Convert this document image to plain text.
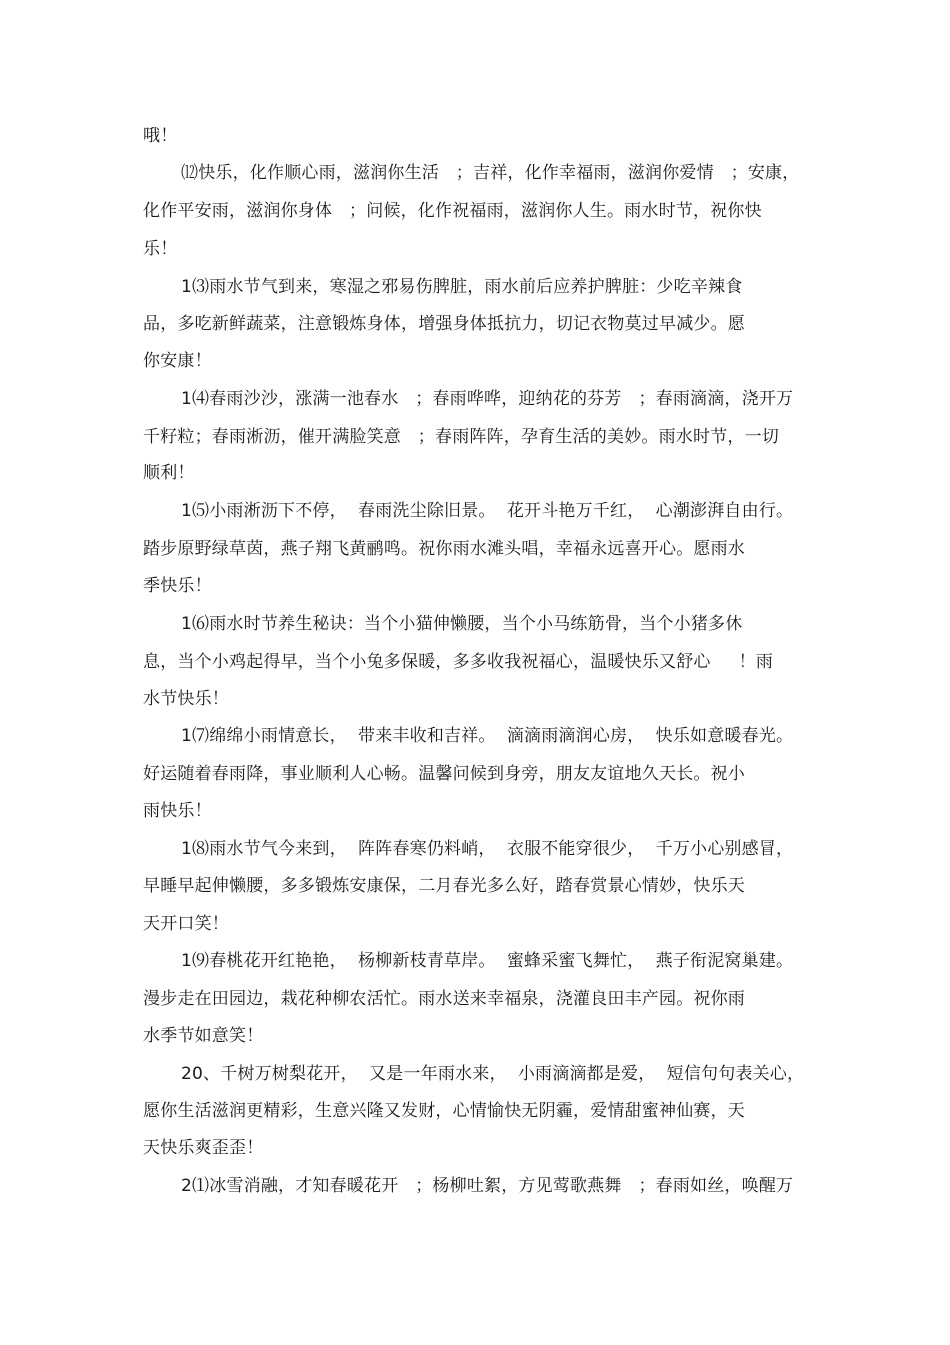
哦！
⑿快乐，化作顺心雨，滋润你生活   ；吉祥，化作幸福雨，滋润你爱情   ；安康，
化作平安雨，滋润你身体   ；问候，化作祝福雨，滋润你人生。雨水时节，祝你快
乐！
1⑶雨水节气到来，寒湿之邪易伤脾脏，雨水前后应养护脾脏：少吃辛辣食
品，多吃新鲜蔬菜，注意锻炼身体，增强身体抵抗力，切记衣物莫过早减少。愿
你安康！
1⑷春雨沙沙，涨满一池春水   ；春雨哗哗，迎纳花的芬芳   ；春雨滴滴，浇开万
千籽粒；春雨淅沥，催开满脸笑意   ；春雨阵阵，孕育生活的美妙。雨水时节，一切
顺利！
1⑸小雨淅沥下不停，  春雨洗尘除旧景。  花开斗艳万千红，  心潮澎湃自由行。
踏步原野绿草茵，燕子翔飞黄鹂鸣。祝你雨水滩头唱，幸福永远喜开心。愿雨水
季快乐！
1⑹雨水时节养生秘诀：当个小猫伸懒腰，当个小马练筋骨，当个小猪多休
息，当个小鸡起得早，当个小兔多保暖，多多收我祝福心，温暖快乐又舒心     ！雨
水节快乐！
1⑺绵绵小雨情意长，  带来丰收和吉祥。  滴滴雨滴润心房，  快乐如意暖春光。
好运随着春雨降，事业顺利人心畅。温馨问候到身旁，朋友友谊地久天长。祝小
雨快乐！
1⑻雨水节气今来到，  阵阵春寒仍料峭，  衣服不能穿很少，  千万小心别感冒，
早睡早起伸懒腰，多多锻炼安康保，二月春光多么好，踏春赏景心情妙，快乐天
天开口笑！
1⑼春桃花开红艳艳，  杨柳新枝青草岸。  蜜蜂采蜜飞舞忙，  燕子衔泥窝巢建。
漫步走在田园边，栽花种柳农活忙。雨水送来幸福泉，浇灌良田丰产园。祝你雨
水季节如意笑！
20、千树万树梨花开，  又是一年雨水来，  小雨滴滴都是爱，  短信句句表关心，
愿你生活滋润更精彩，生意兴隆又发财，心情愉快无阴霾，爱情甜蜜神仙赛，天
天快乐爽歪歪！
2⑴冰雪消融，才知春暖花开   ；杨柳吐絮，方见莺歌燕舞   ；春雨如丝，唤醒万
